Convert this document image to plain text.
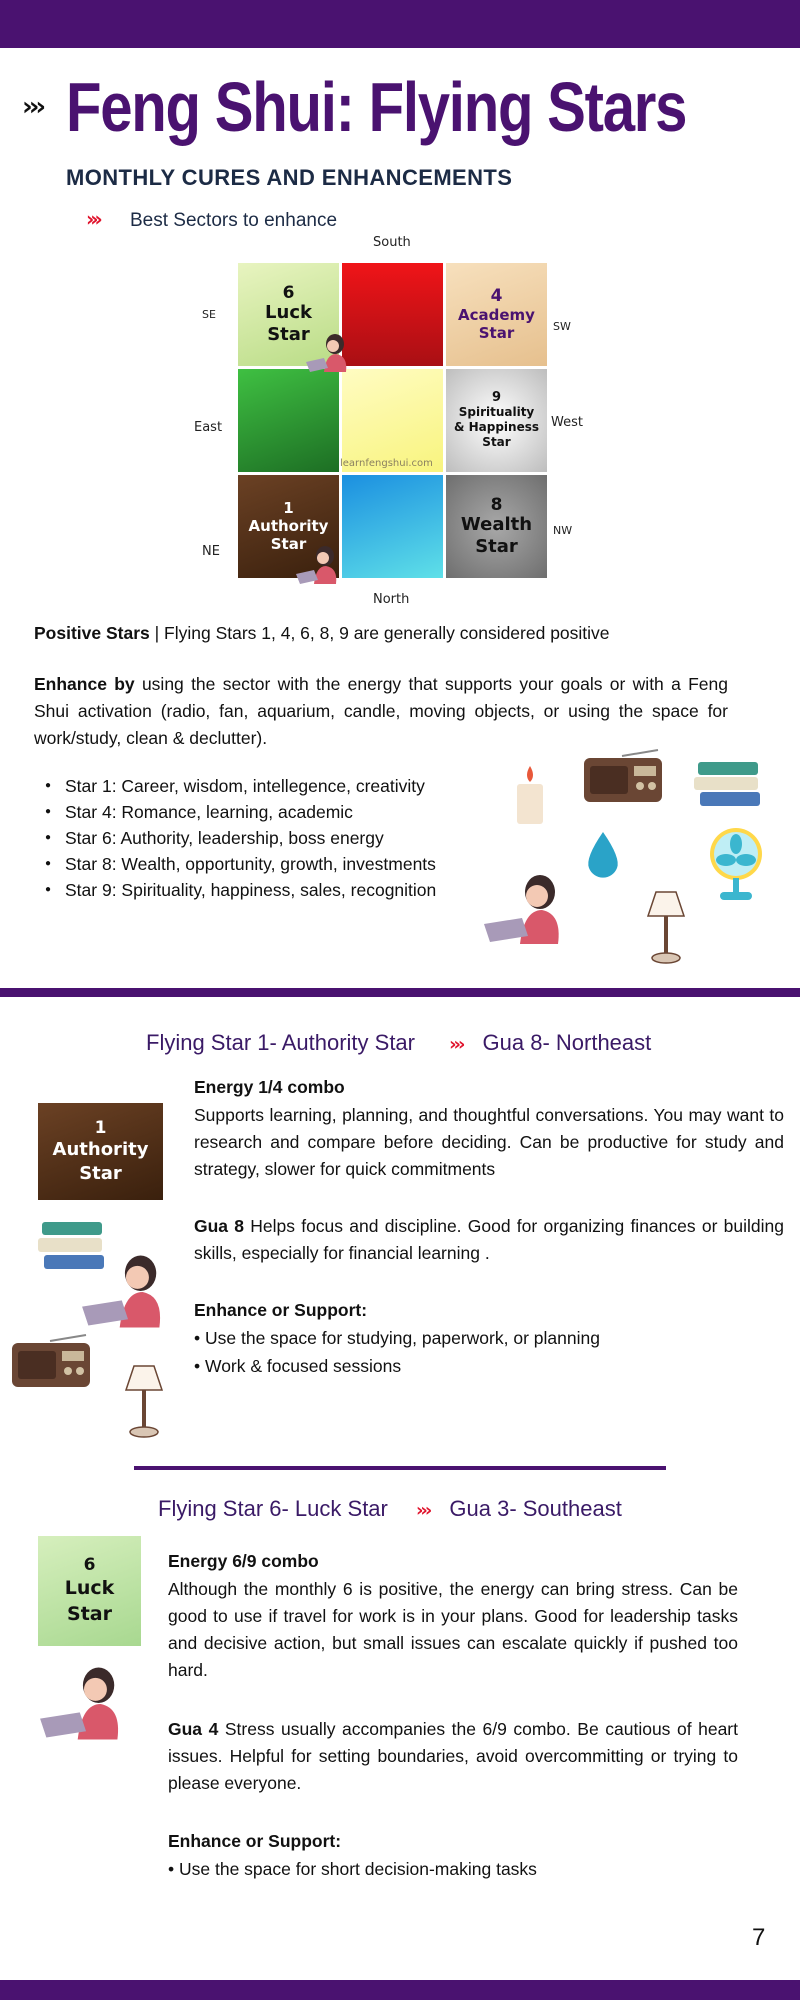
››› Feng Shui: Flying Stars
MONTHLY CURES AND ENHANCEMENTS
››› Best Sectors to enhance
South
North
East	West
SE
SW
NE
NW
6
Luck
Star
4
Academy
Star
9
Spirituality
& Happiness
Star
1
Authority
Star
8
Wealth
Star
learnfengshui.com
Positive Stars | Flying Stars 1, 4, 6, 8, 9 are generally considered positive
Enhance by using the sector with the energy that supports your goals or with a Feng Shui activation (radio, fan, aquarium, candle, moving objects, or using the space for work/study, clean & declutter).
● Star 1: Career, wisdom, intellegence, creativity
● Star 4: Romance, learning, academic
● Star 6: Authority, leadership, boss energy
● Star 8: Wealth, opportunity, growth, investments
● Star 9: Spirituality, happiness, sales, recognition
Flying Star 1- Authority Star ››› Gua 8- Northeast
1
Authority
Star
Energy 1/4 combo
Supports learning, planning, and thoughtful conversations. You may want to research and compare before deciding. Can be productive for study and strategy, slower for quick commitments
Gua 8 Helps focus and discipline. Good for organizing finances or building skills, especially for financial learning .
Enhance or Support:
• Use the space for studying, paperwork, or planning
• Work & focused sessions
Flying Star 6- Luck Star ››› Gua 3- Southeast
6
Luck
Star
Energy 6/9 combo
Although the monthly 6 is positive, the energy can bring stress. Can be good to use if travel for work is in your plans. Good for leadership tasks and decisive action, but small issues can escalate quickly if pushed too hard.
Gua 4 Stress usually accompanies the 6/9 combo. Be cautious of heart issues. Helpful for setting boundaries, avoid overcommitting or trying to please everyone.
Enhance or Support:
• Use the space for short decision-making tasks
7
